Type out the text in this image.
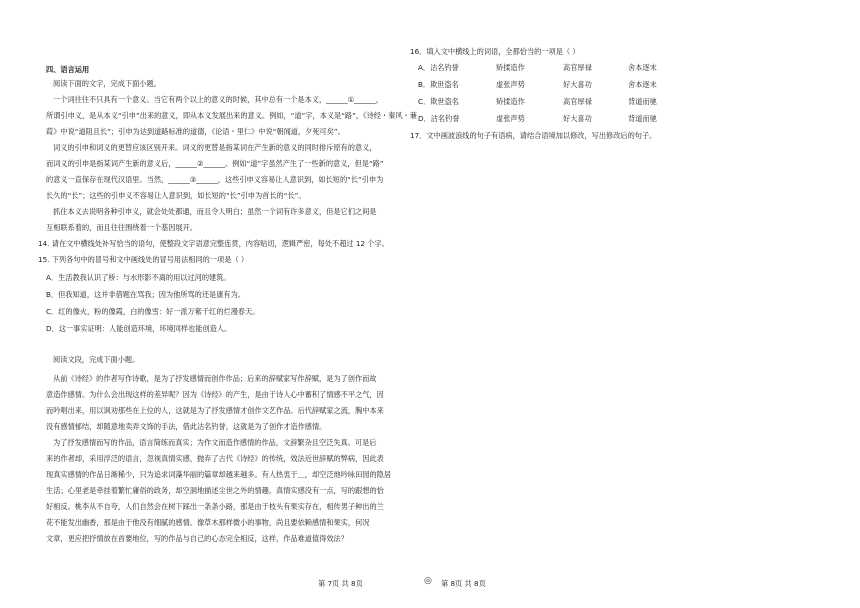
四、语言运用
阅读下面的文字，完成下面小题。
一个词往往不只具有一个意义。当它有两个以上的意义的时候，其中总有一个是本义，______①______，
所谓引申义，是从本义“引申”出来的意义，即从本义发展出来的意义。例如，“道”字，本义是“路”，《诗经・秦风・蒹
葭》中说“道阻且长”；引申为达到道路标准的道德，《论语・里仁》中说“朝闻道，夕死可矣”。
词义的引申和词义的更替应该区别开来。词义的更替是指某词在产生新的意义的同时排斥原有的意义，
而词义的引申是指某词产生新的意义后，______②______。例如“道”字虽然产生了一些新的意义，但是“路”
的意义一直保存在现代汉语里。当然，______③______，这些引申义容易让人意识到，如长短的“长”引申为
长久的“长”；这些的引申义不容易让人意识到，如长短的“长”引申为首长的“长”。
抓住本义去说明各种引申义，就会处处都通，而且令人明白；虽然一个词有许多意义，但是它们之间是
互相联系着的，而且往往围绕着一个基因展开。
14. 请在文中横线处补写恰当的语句，使整段文字语意完整连贯，内容贴切，逻辑严密，每处不超过 12 个字。
15. 下列各句中的冒号和文中画线处的冒号用法相同的一项是（ ）
A．生活教我认识了桥：与水形影不离的用以过河的建筑。
B．但我知道，这并非借题在骂我；因为他所骂的还是康有为。
C．红的像火，粉的像霞，白的像雪：好一派万紫千红的烂漫春天。
D．这一事实证明：人能创造环境，环境同样也能创造人。
阅读文段，完成下面小题。
从前《诗经》的作者写作诗歌，是为了抒发感情而创作作品；后来的辞赋家写作辞赋，是为了创作而故
意造作感情。为什么会出现这样的差异呢？因为《诗经》的产生，是由于诗人心中蓄积了情感不平之气，因
而吟唱出来，用以讽劝那些在上位的人，这就是为了抒发感情才创作文艺作品。后代辞赋家之流，胸中本来
没有感情郁结，却随意地卖弄文饰的手法，借此沽名钓誉，这就是为了创作才造作感情。
为了抒发感情而写的作品，语言简练而真实；为作文而造作感情的作品，文辞繁杂且空泛失真。可是后
来的作者却，采用浮泛的语言，忽视真情实感，抛弃了古代《诗经》的传统，效法近世辞赋的弊病，因此表
现真实感情的作品日渐稀少，只为追求词藻华丽的篇章却越来越多。有人热衷于＿，却空泛地吟咏田园的隐居
生活；心里老是牵挂着繁忙庸俗的政务，却空洞地描述尘世之外的情趣。真情实感没有一点，写的跟想的恰
好相反。桃李从不自夸，人们自然会在树下踩出一条条小路，那是由于枝头有果实存在，相传男子种出的兰
花不能发出幽香，那是由于他没有细腻的感情。像草木那样微小的事物，尚且要依赖感情和果实，何况
文章，更应把抒情放在首要地位，写的作品与自己的心态完全相反，这样，作品难道值得效法？
第 7页 共 8页	◎
16．填入文中横线上的词语，全都恰当的一项是（ ）
A．沽名钓誉	矫揉造作	高官厚禄	舍本逐末
B．欺世盗名	虚张声势	好大喜功	舍本逐末
C．欺世盗名	矫揉造作	高官厚禄	背道而驰
D．沽名钓誉	虚张声势	好大喜功	背道而驰
17．文中画波浪线的句子有语病，请结合语境加以修改，写出修改后的句子。
第 8页 共 8页
